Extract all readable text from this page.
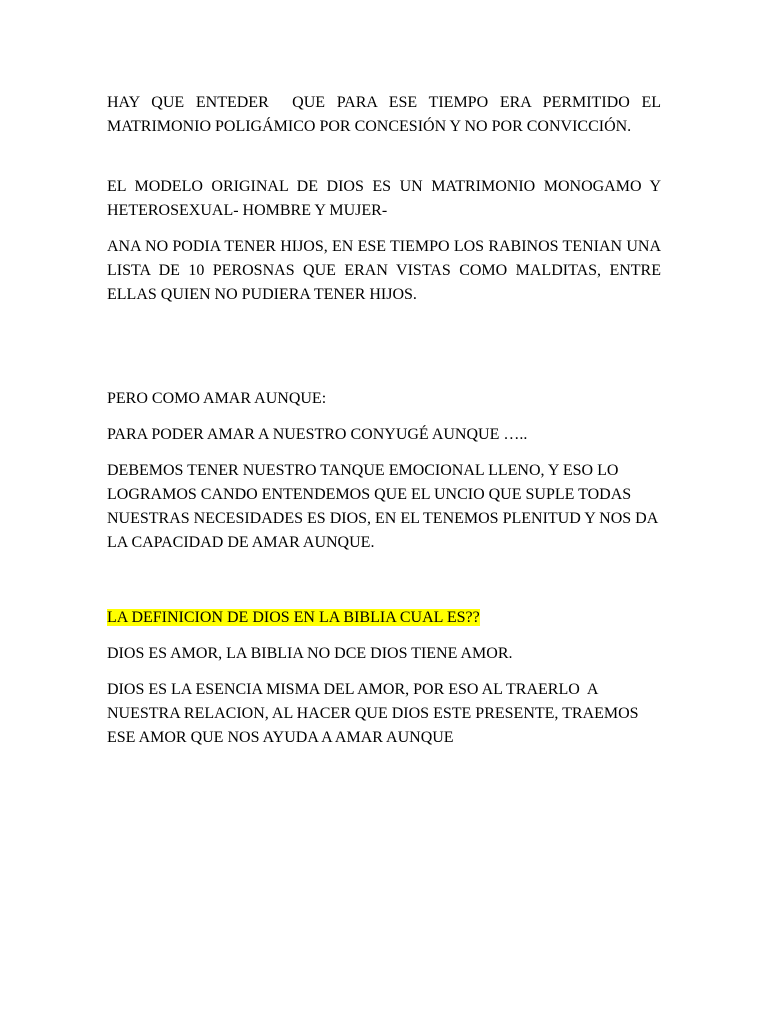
HAY QUE ENTEDER  QUE PARA ESE TIEMPO ERA PERMITIDO EL MATRIMONIO POLIGÁMICO POR CONCESIÓN Y NO POR CONVICCIÓN.

EL MODELO ORIGINAL DE DIOS ES UN MATRIMONIO MONOGAMO Y HETEROSEXUAL- HOMBRE Y MUJER-

ANA NO PODIA TENER HIJOS, EN ESE TIEMPO LOS RABINOS TENIAN UNA LISTA DE 10 PEROSNAS QUE ERAN VISTAS COMO MALDITAS, ENTRE ELLAS QUIEN NO PUDIERA TENER HIJOS.

PERO COMO AMAR AUNQUE:

PARA PODER AMAR A NUESTRO CONYUGÉ AUNQUE …..

DEBEMOS TENER NUESTRO TANQUE EMOCIONAL LLENO, Y ESO LO LOGRAMOS CANDO ENTENDEMOS QUE EL UNCIO QUE SUPLE TODAS NUESTRAS NECESIDADES ES DIOS, EN EL TENEMOS PLENITUD Y NOS DA LA CAPACIDAD DE AMAR AUNQUE.

LA DEFINICION DE DIOS EN LA BIBLIA CUAL ES??

DIOS ES AMOR, LA BIBLIA NO DCE DIOS TIENE AMOR.

DIOS ES LA ESENCIA MISMA DEL AMOR, POR ESO AL TRAERLO  A NUESTRA RELACION, AL HACER QUE DIOS ESTE PRESENTE, TRAEMOS ESE AMOR QUE NOS AYUDA A AMAR AUNQUE
